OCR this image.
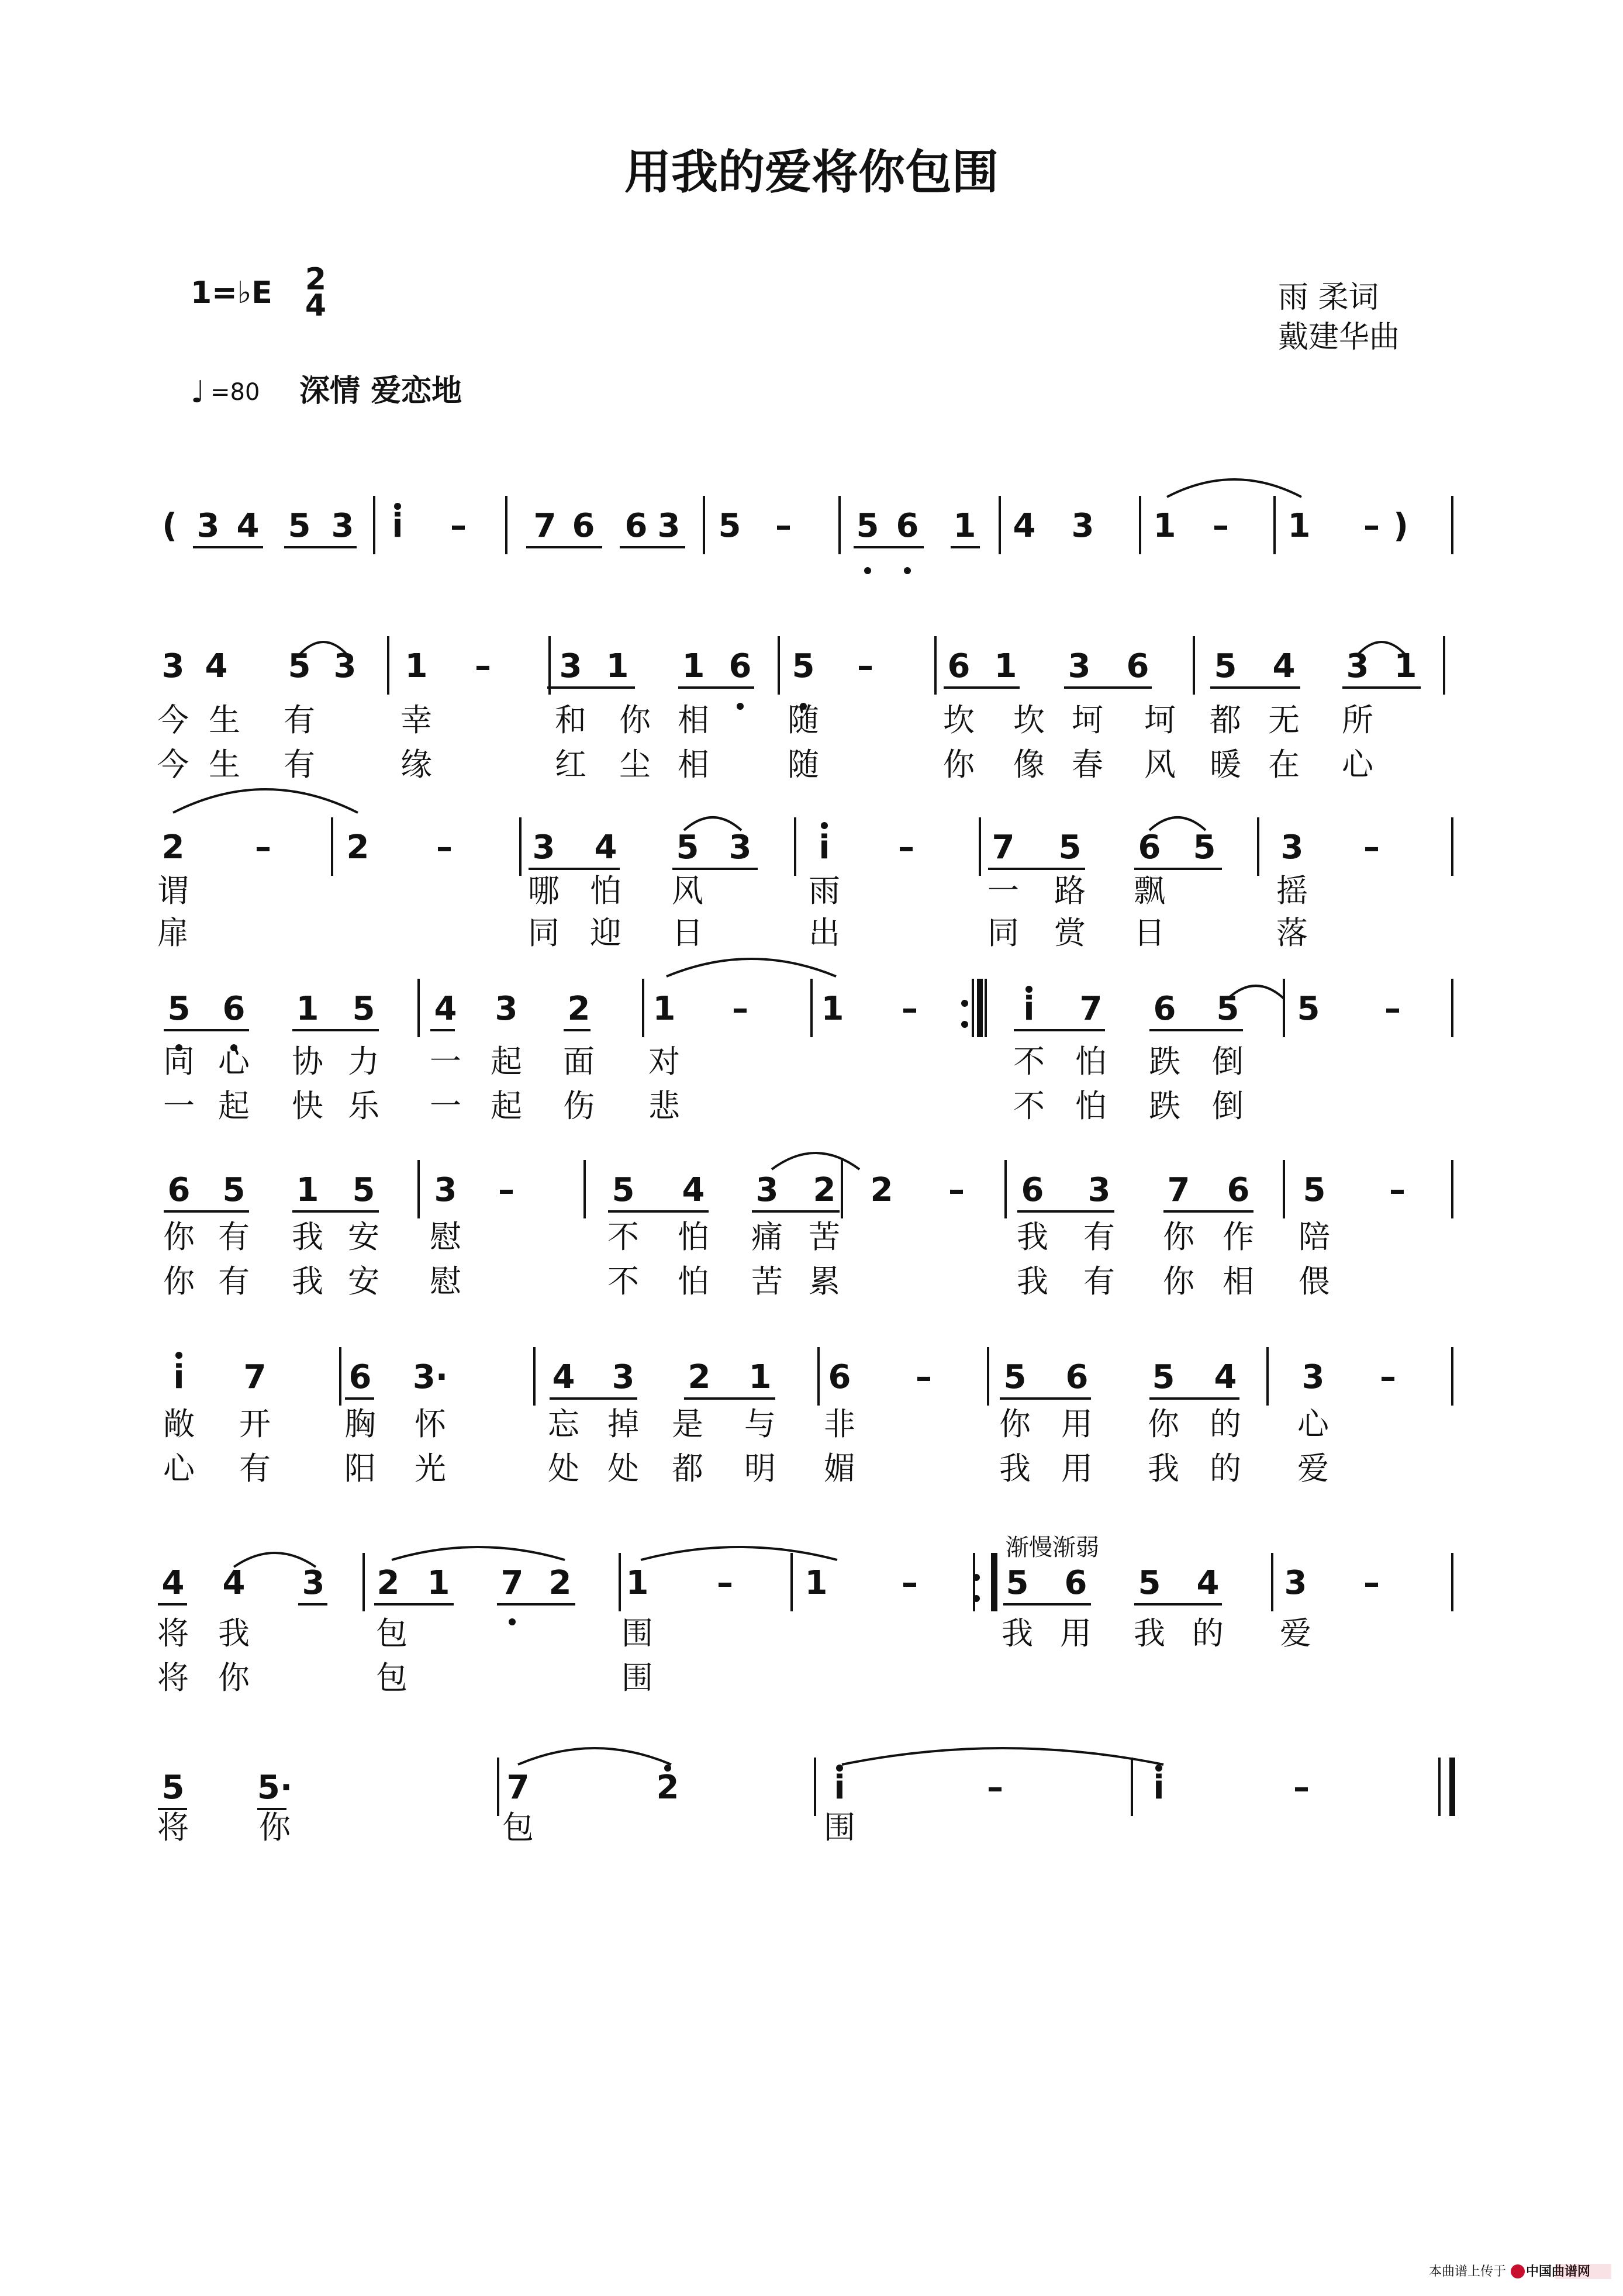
用我的爱将你包围
1=♭E 2
4
♩ =80 深情 爱恋地
雨 柔词
戴建华曲
渐慢渐弱
本曲谱上传于 中国曲谱网
3 4 5 3 i – 7 6 6 3 5 – 5 6 1 4 3 1 – 1 –
3 4 5 3 1 – 3 1 1 6 5 – 6 1 3 6 5 4 3 1
今 生 有	幸	和 你 相 随	坎 坎 坷 坷 都 无 所
今 生 有	缘	红 尘 相 随	你 像 春 风 暖 在 心
2 – 2 – 3 4 5 3 i – 7 5 6 5 3 –
谓	哪 怕 风	雨	一 路 飘	摇
扉	同 迎 日	出	同 赏 日	落
5 6 1 5 4 3 2 1 – 1 –	i 7 6 5 5 –
同 心 协 力 一 起 面 对	不 怕 跌 倒
一 起 快 乐 一 起 伤 悲	不 怕 跌 倒
6 5 1 5 3 –	5 4 3 2 2 – 6 3 7 6 5 –
你 有 我 安 慰	不 怕 痛 苦	我 有 你 作 陪
你 有 我 安 慰	不 怕 苦 累	我 有 你 相 偎
i 7	6 3·	4 3 2 1 6 – 5 6 5 4 3 –
敞 开 胸 怀	忘 掉 是 与 非	你 用 你 的 心
心 有 阳 光	处 处 都 明 媚	我 用 我 的 爱
4 4 3 2 1 7 2 1 – 1 –	5 6 5 4 3 –
将 我	包	围	我 用 我 的 爱
将 你	包	围
5 5·	7	2	i	–	i	–
将 你	包	围
(	)
